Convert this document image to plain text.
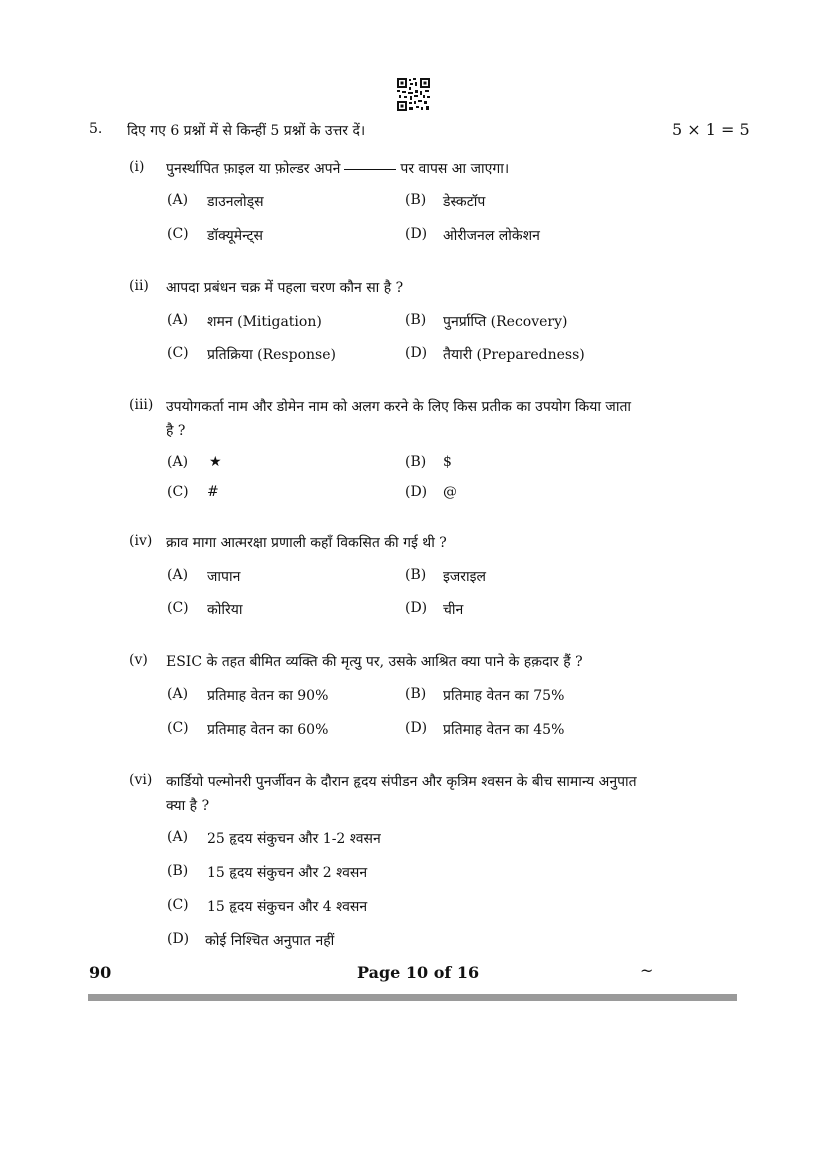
5. दिए गए 6 प्रश्नों में से किन्हीं 5 प्रश्नों के उत्तर दें।	5 × 1 = 5
(i) पुनर्स्थापित फ़ाइल या फ़ोल्डर अपने	पर वापस आ जाएगा।
(A) डाउनलोड्स	(B) डेस्कटॉप
(C) डॉक्यूमेन्ट्स	(D) ओरीजनल लोकेशन
(ii) आपदा प्रबंधन चक्र में पहला चरण कौन सा है ?
(A) शमन (Mitigation)	(B) पुनर्प्राप्ति (Recovery)
(C) प्रतिक्रिया (Response)	(D) तैयारी (Preparedness)
(iii) उपयोगकर्ता नाम और डोमेन नाम को अलग करने के लिए किस प्रतीक का उपयोग किया जाता
है ?
(A) ★	(B) $
(C) #	(D) @
(iv) क्राव मागा आत्मरक्षा प्रणाली कहाँ विकसित की गई थी ?
(A) जापान	(B) इजराइल
(C) कोरिया	(D) चीन
(v) ESIC के तहत बीमित व्यक्ति की मृत्यु पर, उसके आश्रित क्या पाने के हक़दार हैं ?
(A) प्रतिमाह वेतन का 90%	(B) प्रतिमाह वेतन का 75%
(C) प्रतिमाह वेतन का 60%	(D) प्रतिमाह वेतन का 45%
(vi) कार्डियो पल्मोनरी पुनर्जीवन के दौरान हृदय संपीडन और कृत्रिम श्वसन के बीच सामान्य अनुपात
क्या है ?
(A) 25 हृदय संकुचन और 1-2 श्वसन
(B) 15 हृदय संकुचन और 2 श्वसन
(C) 15 हृदय संकुचन और 4 श्वसन
(D) कोई निश्चित अनुपात नहीं
90	Page 10 of 16	~
